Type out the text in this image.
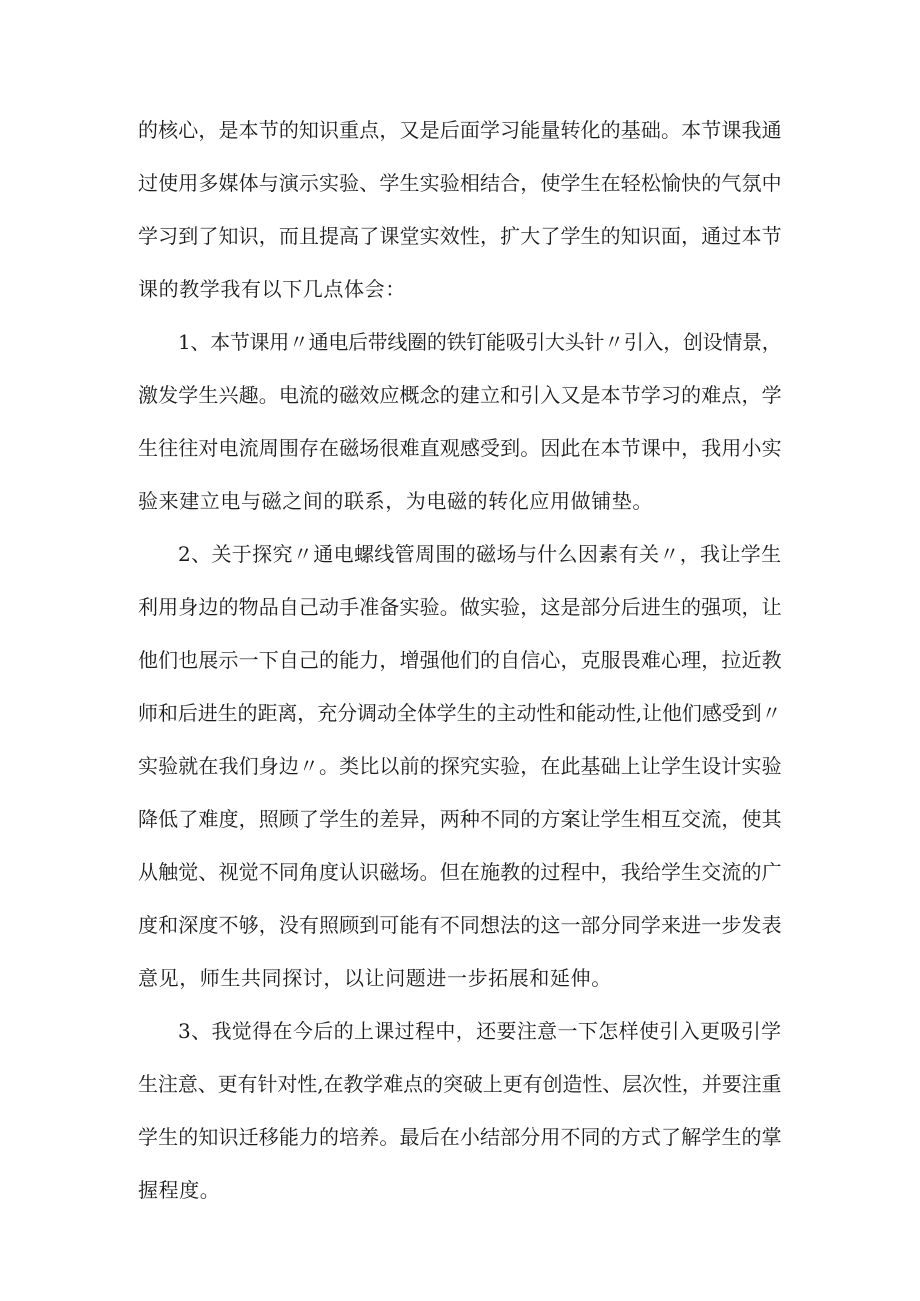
的核心，是本节的知识重点，又是后面学习能量转化的基础。本节课我通
过使用多媒体与演示实验、学生实验相结合，使学生在轻松愉快的气氛中
学习到了知识，而且提高了课堂实效性，扩大了学生的知识面，通过本节
课的教学我有以下几点体会：
1、本节课用〃通电后带线圈的铁钉能吸引大头针〃引入，创设情景，
激发学生兴趣。电流的磁效应概念的建立和引入又是本节学习的难点，学
生往往对电流周围存在磁场很难直观感受到。因此在本节课中，我用小实
验来建立电与磁之间的联系，为电磁的转化应用做铺垫。
2、关于探究〃通电螺线管周围的磁场与什么因素有关〃，我让学生
利用身边的物品自己动手准备实验。做实验，这是部分后进生的强项，让
他们也展示一下自己的能力，增强他们的自信心，克服畏难心理，拉近教
师和后进生的距离，充分调动全体学生的主动性和能动性,让他们感受到〃
实验就在我们身边〃。类比以前的探究实验，在此基础上让学生设计实验
降低了难度，照顾了学生的差异，两种不同的方案让学生相互交流，使其
从触觉、视觉不同角度认识磁场。但在施教的过程中，我给学生交流的广
度和深度不够，没有照顾到可能有不同想法的这一部分同学来进一步发表
意见，师生共同探讨，以让问题进一步拓展和延伸。
3、我觉得在今后的上课过程中，还要注意一下怎样使引入更吸引学
生注意、更有针对性,在教学难点的突破上更有创造性、层次性，并要注重
学生的知识迁移能力的培养。最后在小结部分用不同的方式了解学生的掌
握程度。
